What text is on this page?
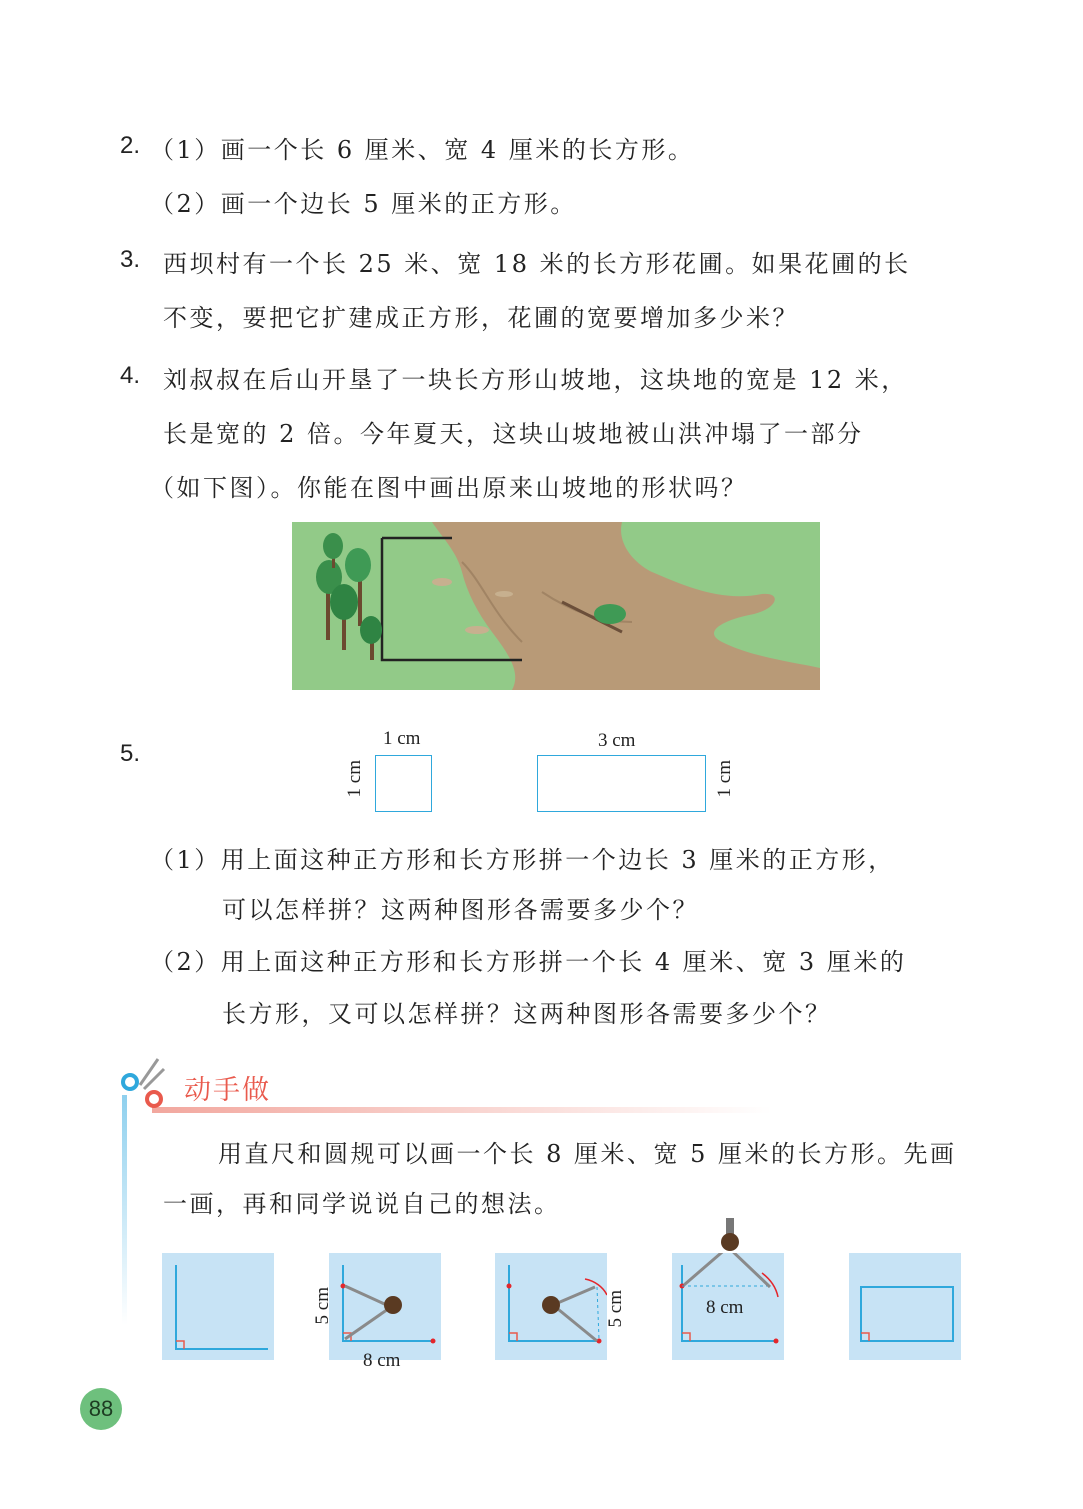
2. （1）画一个长 6 厘米、宽 4 厘米的长方形。
（2）画一个边长 5 厘米的正方形。
3. 西坝村有一个长 25 米、宽 18 米的长方形花圃。如果花圃的长
不变，要把它扩建成正方形，花圃的宽要增加多少米？
4. 刘叔叔在后山开垦了一块长方形山坡地，这块地的宽是 12 米，
长是宽的 2 倍。今年夏天，这块山坡地被山洪冲塌了一部分
（如下图）。你能在图中画出原来山坡地的形状吗？
5.
1 cm
1 cm
3 cm
1 cm
（1）用上面这种正方形和长方形拼一个边长 3 厘米的正方形，
可以怎样拼？这两种图形各需要多少个？
（2）用上面这种正方形和长方形拼一个长 4 厘米、宽 3 厘米的
长方形，又可以怎样拼？这两种图形各需要多少个？
动手做
用直尺和圆规可以画一个长 8 厘米、宽 5 厘米的长方形。先画
一画，再和同学说说自己的想法。
5 cm
8 cm
5 cm	8 cm
88
